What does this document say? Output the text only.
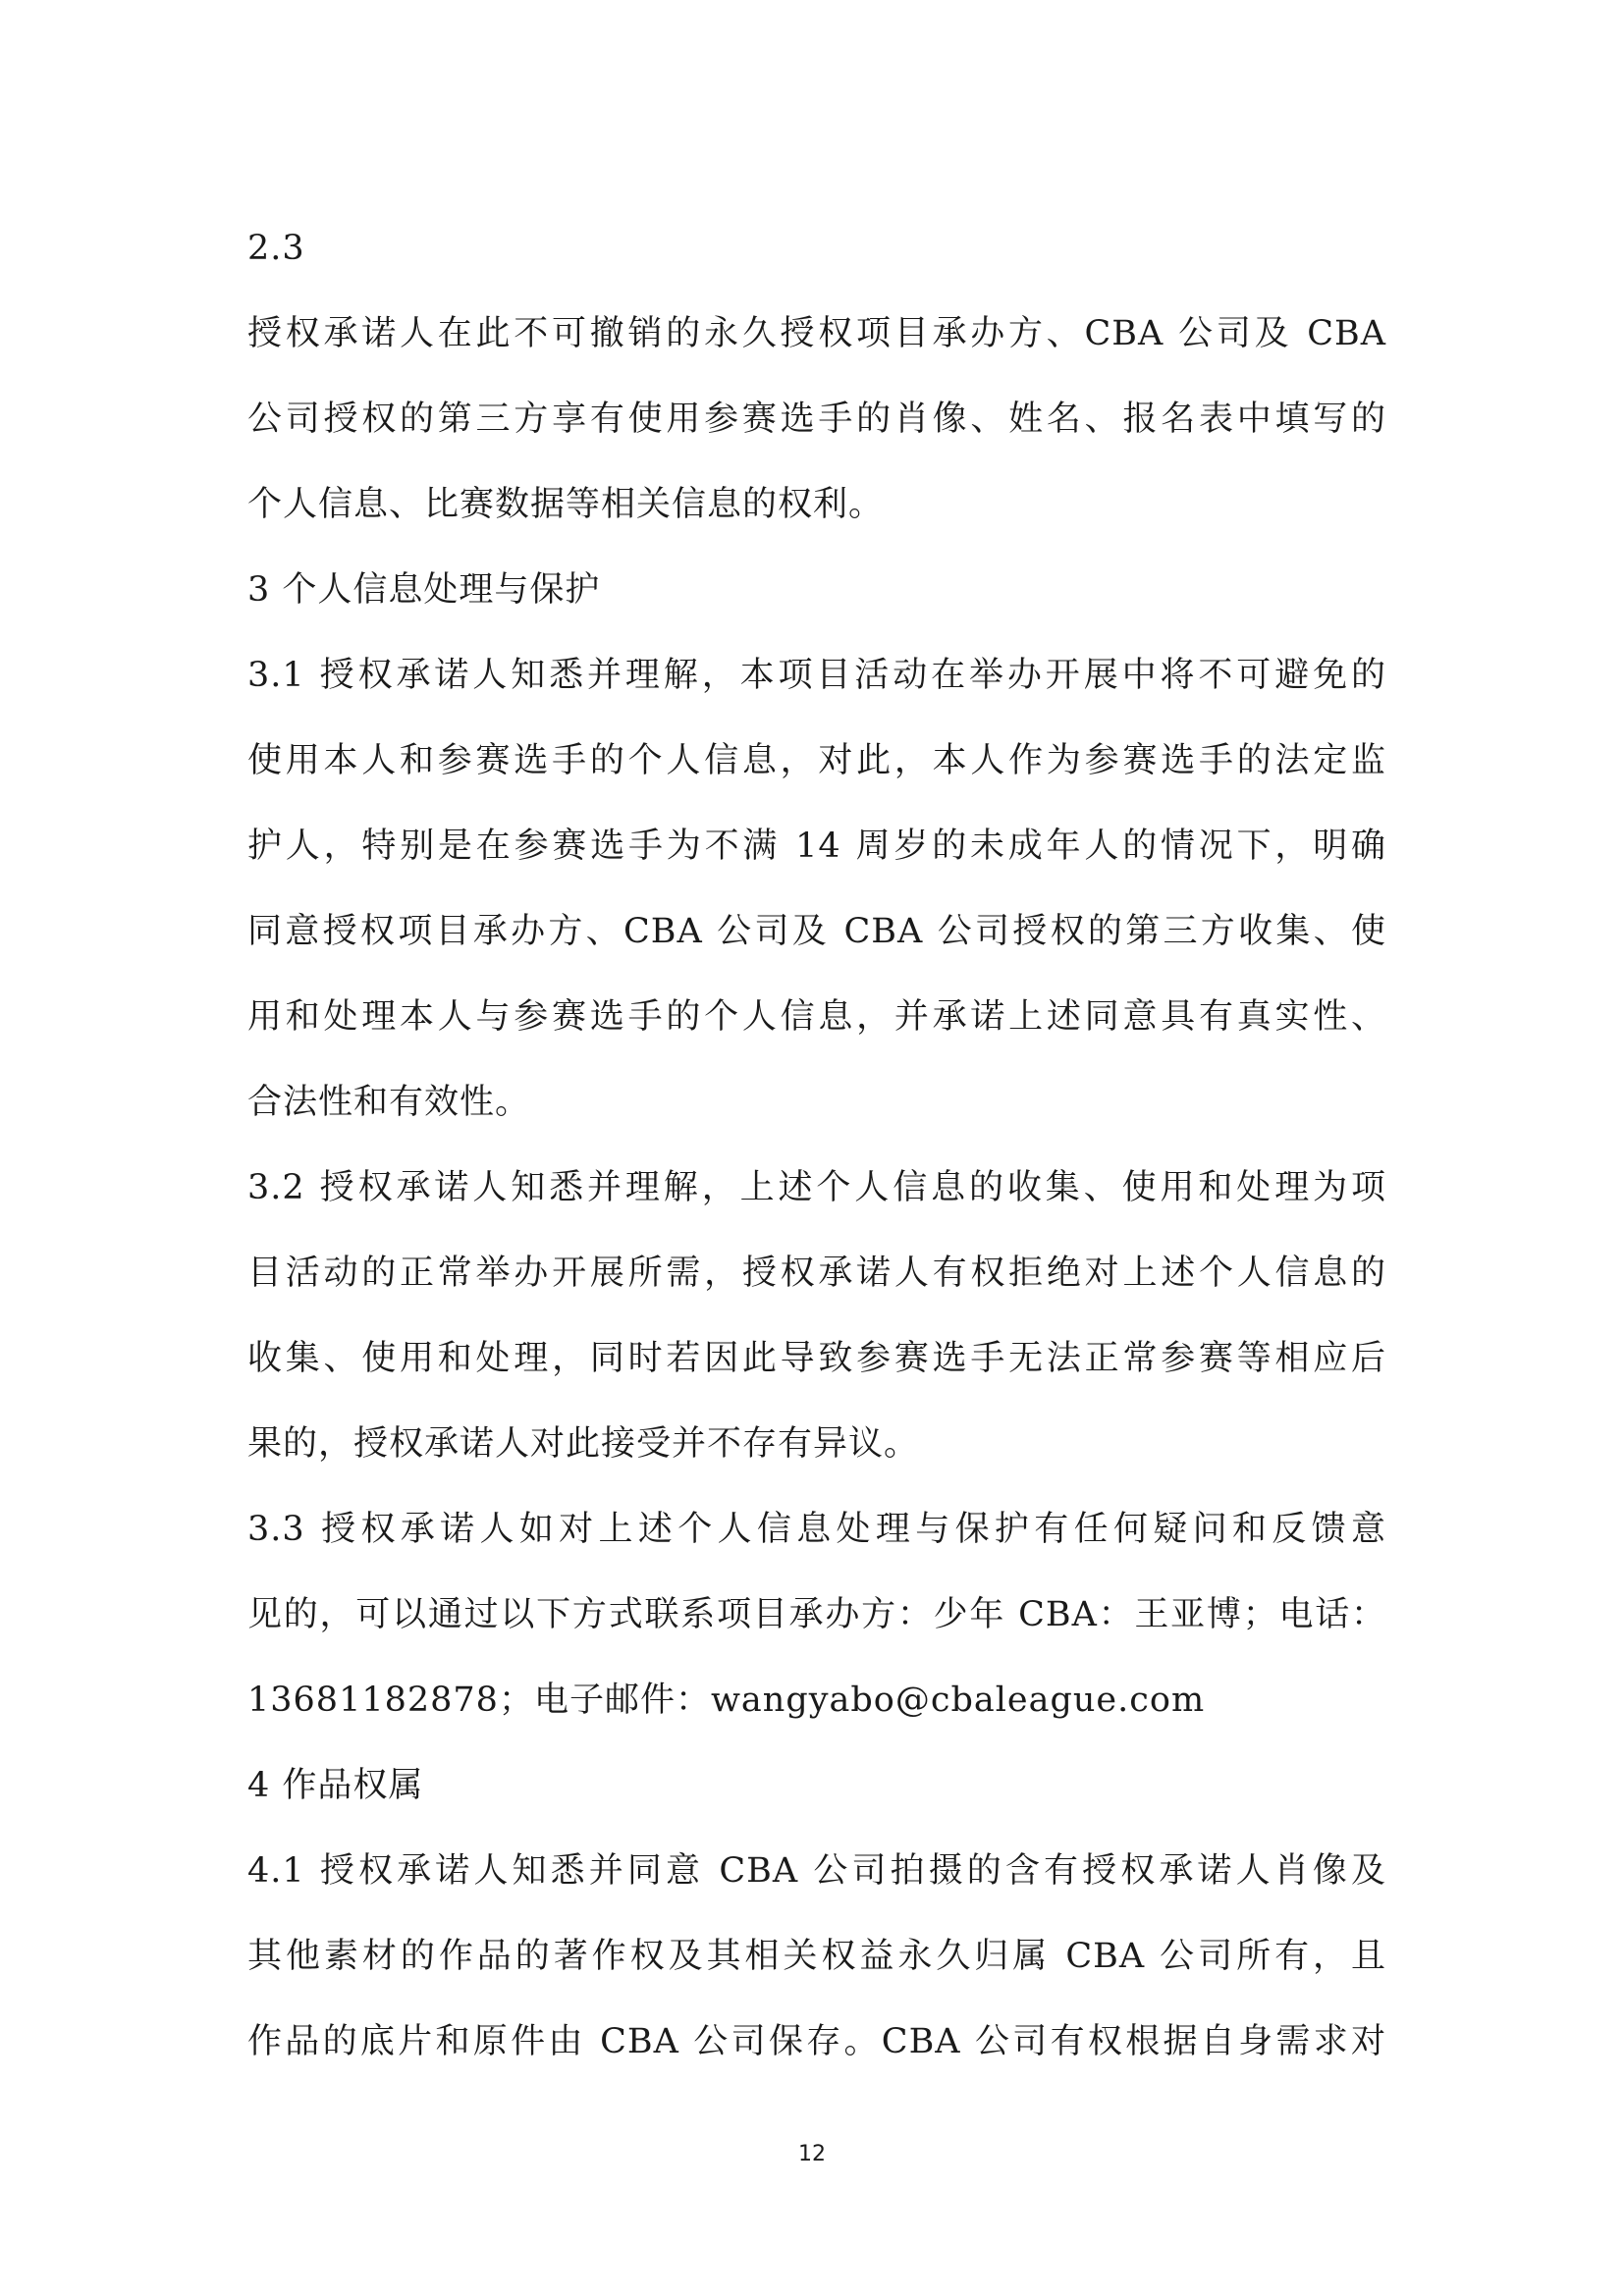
2.3
授权承诺人在此不可撤销的永久授权项目承办方、CBA 公司及 CBA
公司授权的第三方享有使用参赛选手的肖像、姓名、报名表中填写的
个人信息、比赛数据等相关信息的权利。
3 个人信息处理与保护
3.1 授权承诺人知悉并理解，本项目活动在举办开展中将不可避免的
使用本人和参赛选手的个人信息，对此，本人作为参赛选手的法定监
护人，特别是在参赛选手为不满 14 周岁的未成年人的情况下，明确
同意授权项目承办方、CBA 公司及 CBA 公司授权的第三方收集、使
用和处理本人与参赛选手的个人信息，并承诺上述同意具有真实性、
合法性和有效性。
3.2 授权承诺人知悉并理解，上述个人信息的收集、使用和处理为项
目活动的正常举办开展所需，授权承诺人有权拒绝对上述个人信息的
收集、使用和处理，同时若因此导致参赛选手无法正常参赛等相应后
果的，授权承诺人对此接受并不存有异议。
3.3 授权承诺人如对上述个人信息处理与保护有任何疑问和反馈意
见的，可以通过以下方式联系项目承办方：少年 CBA：王亚博；电话：
13681182878；电子邮件：wangyabo@cbaleague.com
4 作品权属
4.1 授权承诺人知悉并同意 CBA 公司拍摄的含有授权承诺人肖像及
其他素材的作品的著作权及其相关权益永久归属 CBA 公司所有，且
作品的底片和原件由 CBA 公司保存。CBA 公司有权根据自身需求对
12
